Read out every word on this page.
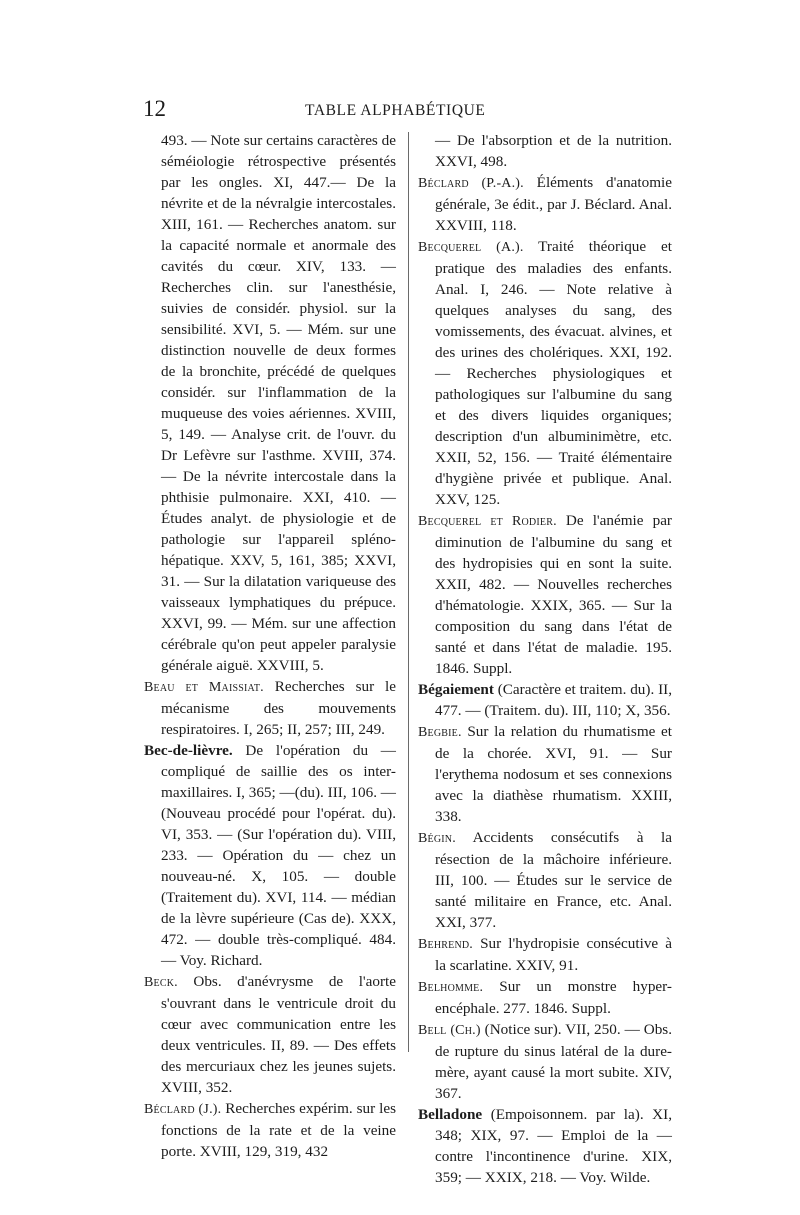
12	TABLE ALPHABÉTIQUE

493. — Note sur certains caractères de séméiologie rétrospective présentés par les ongles. XI, 447.— De la névrite et de la névralgie intercostales. XIII, 161. — Recherches anatom. sur la capacité normale et anormale des cavités du cœur. XIV, 133. — Recherches clin. sur l'anesthésie, suivies de considér. physiol. sur la sensibilité. XVI, 5. — Mém. sur une distinction nouvelle de deux formes de la bronchite, précédé de quelques considér. sur l'inflammation de la muqueuse des voies aériennes. XVIII, 5, 149. — Analyse crit. de l'ouvr. du Dr Lefèvre sur l'asthme. XVIII, 374. — De la névrite intercostale dans la phthisie pulmonaire. XXI, 410. — Études analyt. de physiologie et de pathologie sur l'appareil spléno-hépatique. XXV, 5, 161, 385; XXVI, 31. — Sur la dilatation variqueuse des vaisseaux lymphatiques du prépuce. XXVI, 99. — Mém. sur une affection cérébrale qu'on peut appeler paralysie générale aiguë. XXVIII, 5.

Beau et Maissiat. Recherches sur le mécanisme des mouvements respiratoires. I, 265; II, 257; III, 249.

Bec-de-lièvre. De l'opération du — compliqué de saillie des os inter-maxillaires. I, 365; —(du). III, 106. — (Nouveau procédé pour l'opérat. du). VI, 353. — (Sur l'opération du). VIII, 233. — Opération du — chez un nouveau-né. X, 105. — double (Traitement du). XVI, 114. — médian de la lèvre supérieure (Cas de). XXX, 472. — double très-compliqué. 484. — Voy. Richard.

Beck. Obs. d'anévrysme de l'aorte s'ouvrant dans le ventricule droit du cœur avec communication entre les deux ventricules. II, 89. — Des effets des mercuriaux chez les jeunes sujets. XVIII, 352.

Béclard (J.). Recherches expérim. sur les fonctions de la rate et de la veine porte. XVIII, 129, 319, 432

— De l'absorption et de la nutrition. XXVI, 498.

Béclard (P.-A.). Éléments d'anatomie générale, 3e édit., par J. Béclard. Anal. XXVIII, 118.

Becquerel (A.). Traité théorique et pratique des maladies des enfants. Anal. I, 246. — Note relative à quelques analyses du sang, des vomissements, des évacuat. alvines, et des urines des cholériques. XXI, 192. — Recherches physiologiques et pathologiques sur l'albumine du sang et des divers liquides organiques; description d'un albuminimètre, etc. XXII, 52, 156. — Traité élémentaire d'hygiène privée et publique. Anal. XXV, 125.

Becquerel et Rodier. De l'anémie par diminution de l'albumine du sang et des hydropisies qui en sont la suite. XXII, 482. — Nouvelles recherches d'hématologie. XXIX, 365. — Sur la composition du sang dans l'état de santé et dans l'état de maladie. 195. 1846. Suppl.

Bégaiement (Caractère et traitem. du). II, 477. — (Traitem. du). III, 110; X, 356.

Begbie. Sur la relation du rhumatisme et de la chorée. XVI, 91. — Sur l'erythema nodosum et ses connexions avec la diathèse rhumatism. XXIII, 338.

Bégin. Accidents consécutifs à la résection de la mâchoire inférieure. III, 100. — Études sur le service de santé militaire en France, etc. Anal. XXI, 377.

Behrend. Sur l'hydropisie consécutive à la scarlatine. XXIV, 91.

Belhomme. Sur un monstre hyper-encéphale. 277. 1846. Suppl.

Bell (Ch.) (Notice sur). VII, 250. — Obs. de rupture du sinus latéral de la dure-mère, ayant causé la mort subite. XIV, 367.

Belladone (Empoisonnem. par la). XI, 348; XIX, 97. — Emploi de la — contre l'incontinence d'urine. XIX, 359; — XXIX, 218. — Voy. Wilde.
